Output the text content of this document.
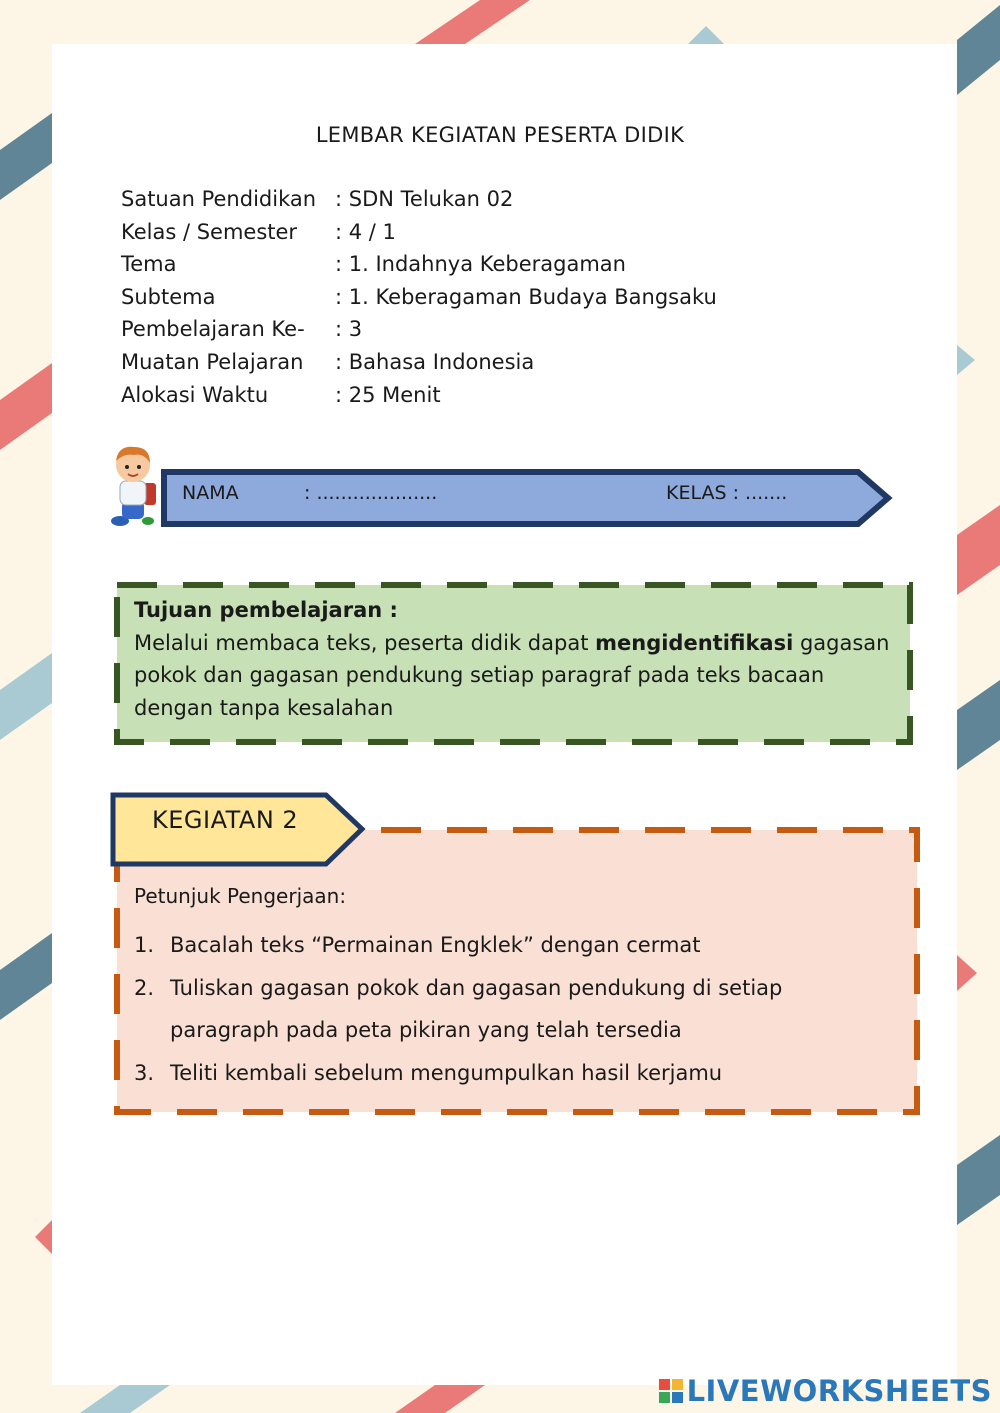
LEMBAR KEGIATAN PESERTA DIDIK
Satuan Pendidikan : SDN Telukan 02
Kelas / Semester : 4 / 1
Tema	: 1. Indahnya Keberagaman
Subtema	: 1. Keberagaman Budaya Bangsaku
Pembelajaran Ke- : 3
Muatan Pelajaran : Bahasa Indonesia
Alokasi Waktu	: 25 Menit
NAMA	: ....................	KELAS : .......
Tujuan pembelajaran :
Melalui membaca teks, peserta didik dapat mengidentifikasi gagasan pokok dan gagasan pendukung setiap paragraf pada teks bacaan dengan tanpa kesalahan
KEGIATAN 2
Petunjuk Pengerjaan:
1. Bacalah teks “Permainan Engklek” dengan cermat
2. Tuliskan gagasan pokok dan gagasan pendukung di setiap paragraph pada peta pikiran yang telah tersedia
3. Teliti kembali sebelum mengumpulkan hasil kerjamu
LIVEWORKSHEETS
